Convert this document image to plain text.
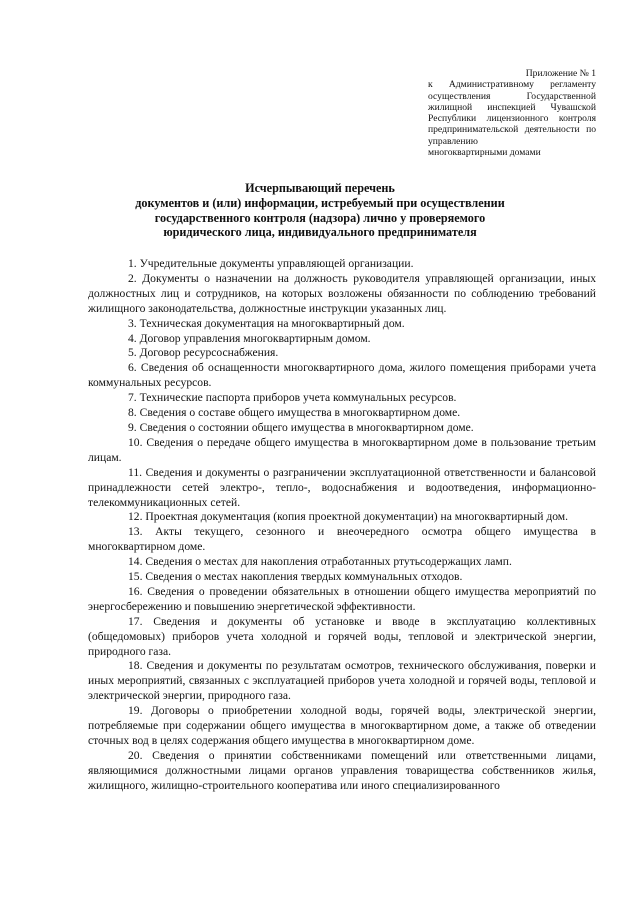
Приложение № 1

к Административному регламенту осуществления Государственной жилищной инспекцией Чувашской Республики лицензионного контроля предпринимательской деятельности по управлению

многоквартирными домами
Исчерпывающий перечень
документов и (или) информации, истребуемый при осуществлении
государственного контроля (надзора) лично у проверяемого
юридического лица, индивидуального предпринимателя

1. Учредительные документы управляющей организации.

2. Документы о назначении на должность руководителя управляющей организации, иных должностных лиц и сотрудников, на которых возложены обязанности по соблюдению требований жилищного законодательства, должностные инструкции указанных лиц.

3. Техническая документация на многоквартирный дом.

4. Договор управления многоквартирным домом.

5. Договор ресурсоснабжения.

6. Сведения об оснащенности многоквартирного дома, жилого помещения приборами учета коммунальных ресурсов.

7. Технические паспорта приборов учета коммунальных ресурсов.

8. Сведения о составе общего имущества в многоквартирном доме.

9. Сведения о состоянии общего имущества в многоквартирном доме.

10. Сведения о передаче общего имущества в многоквартирном доме в пользование третьим лицам.

11. Сведения и документы о разграничении эксплуатационной ответственности и балансовой принадлежности сетей электро-, тепло-, водоснабжения и водоотведения, информационно-телекоммуникационных сетей.

12. Проектная документация (копия проектной документации) на многоквартирный дом.

13. Акты текущего, сезонного и внеочередного осмотра общего имущества в многоквартирном доме.

14. Сведения о местах для накопления отработанных ртутьсодержащих ламп.

15. Сведения о местах накопления твердых коммунальных отходов.

16. Сведения о проведении обязательных в отношении общего имущества мероприятий по энергосбережению и повышению энергетической эффективности.

17. Сведения и документы об установке и вводе в эксплуатацию коллективных (общедомовых) приборов учета холодной и горячей воды, тепловой и электрической энергии, природного газа.

18. Сведения и документы по результатам осмотров, технического обслуживания, поверки и иных мероприятий, связанных с эксплуатацией приборов учета холодной и горячей воды, тепловой и электрической энергии, природного газа.

19. Договоры о приобретении холодной воды, горячей воды, электрической энергии, потребляемые при содержании общего имущества в многоквартирном доме, а также об отведении сточных вод в целях содержания общего имущества в многоквартирном доме.

20. Сведения о принятии собственниками помещений или ответственными лицами, являющимися должностными лицами органов управления товарищества собственников жилья, жилищного, жилищно-строительного кооператива или иного специализированного
